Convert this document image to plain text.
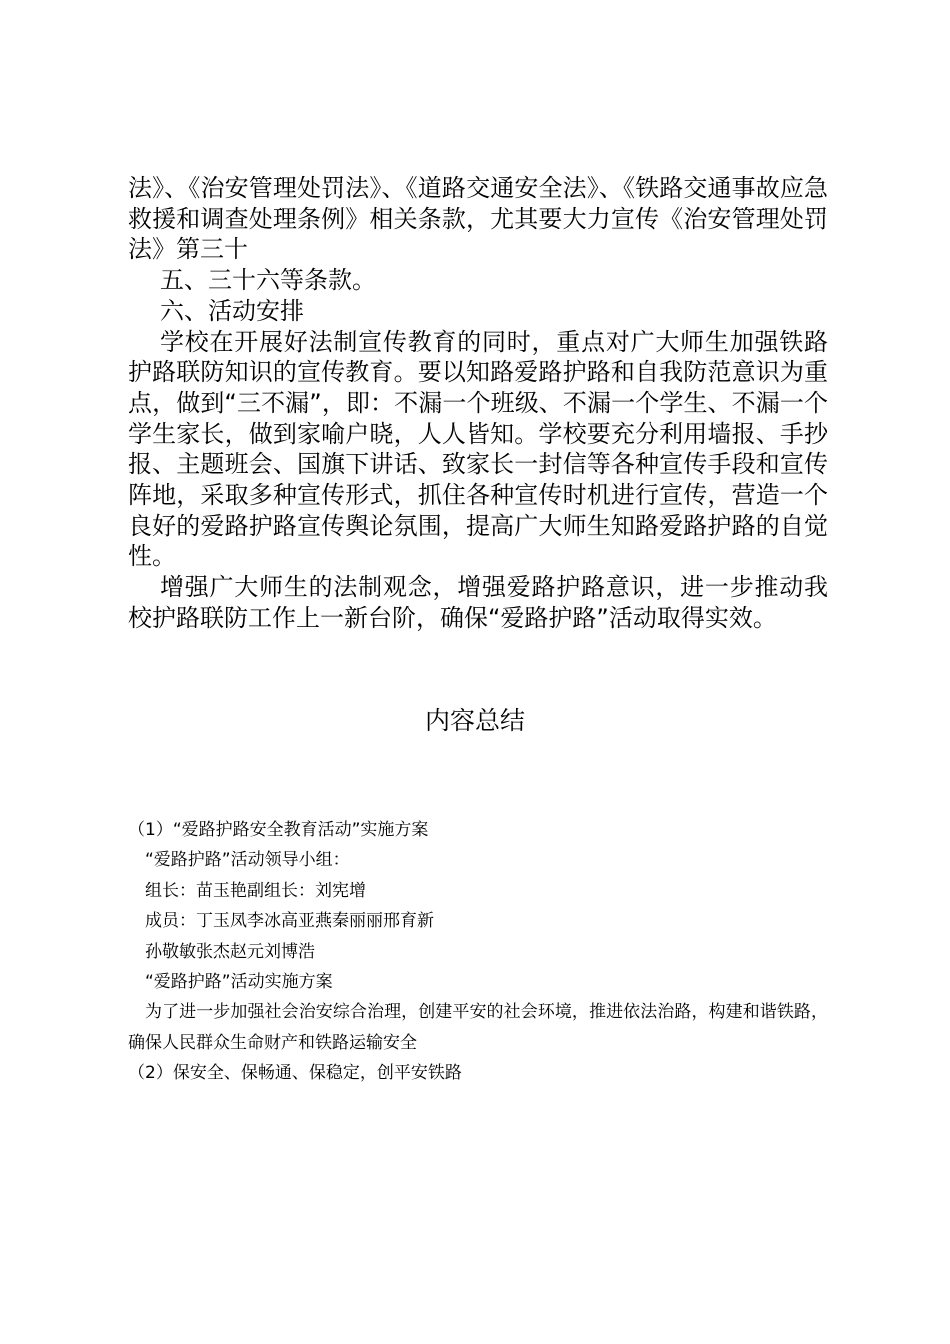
法》、《治安管理处罚法》、《道路交通安全法》、《铁路交通事故应急救援和调查处理条例》相关条款，尤其要大力宣传《治安管理处罚法》第三十

五、三十六等条款。

六、活动安排

学校在开展好法制宣传教育的同时，重点对广大师生加强铁路护路联防知识的宣传教育。要以知路爱路护路和自我防范意识为重点，做到“三不漏”，即：不漏一个班级、不漏一个学生、不漏一个学生家长，做到家喻户晓，人人皆知。学校要充分利用墙报、手抄报、主题班会、国旗下讲话、致家长一封信等各种宣传手段和宣传阵地，采取多种宣传形式，抓住各种宣传时机进行宣传，营造一个良好的爱路护路宣传舆论氛围，提高广大师生知路爱路护路的自觉性。

增强广大师生的法制观念，增强爱路护路意识，进一步推动我校护路联防工作上一新台阶，确保“爱路护路”活动取得实效。

内容总结

（1）“爱路护路安全教育活动”实施方案

“爱路护路”活动领导小组：

组长：苗玉艳副组长：刘宪增

成员：丁玉凤李冰高亚燕秦丽丽邢育新

孙敬敏张杰赵元刘博浩

“爱路护路”活动实施方案

为了进一步加强社会治安综合治理，创建平安的社会环境，推进依法治路，构建和谐铁路，确保人民群众生命财产和铁路运输安全

（2）保安全、保畅通、保稳定，创平安铁路
